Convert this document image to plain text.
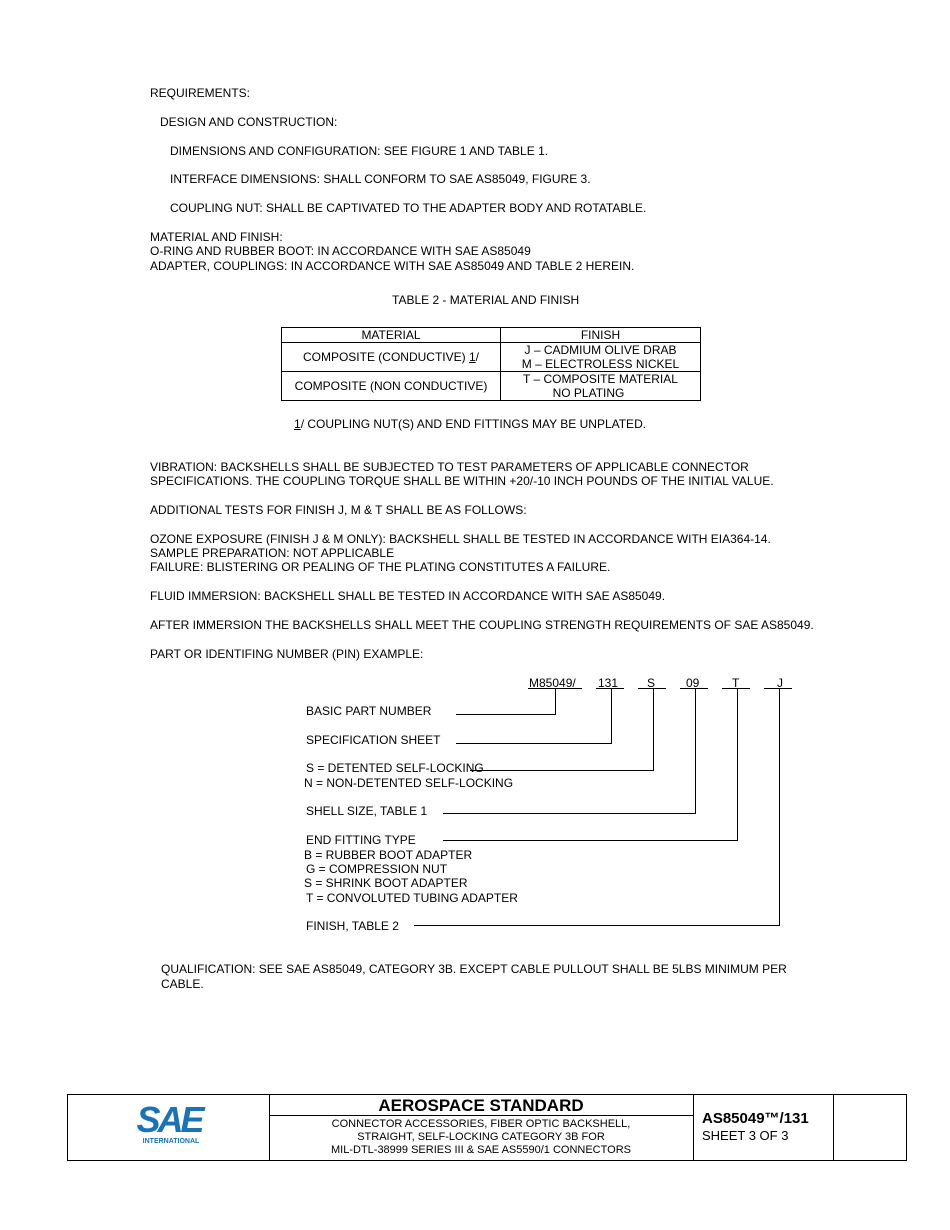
REQUIREMENTS:
DESIGN AND CONSTRUCTION:
DIMENSIONS AND CONFIGURATION: SEE FIGURE 1 AND TABLE 1.
INTERFACE DIMENSIONS: SHALL CONFORM TO SAE AS85049, FIGURE 3.
COUPLING NUT: SHALL BE CAPTIVATED TO THE ADAPTER BODY AND ROTATABLE.
MATERIAL AND FINISH:
O-RING AND RUBBER BOOT: IN ACCORDANCE WITH SAE AS85049
ADAPTER, COUPLINGS: IN ACCORDANCE WITH SAE AS85049 AND TABLE 2 HEREIN.
TABLE 2 - MATERIAL AND FINISH
MATERIAL	FINISH
COMPOSITE (CONDUCTIVE) 1/	J – CADMIUM OLIVE DRAB
M – ELECTROLESS NICKEL

COMPOSITE (NON CONDUCTIVE)	T – COMPOSITE MATERIAL
NO PLATING
1/ COUPLING NUT(S) AND END FITTINGS MAY BE UNPLATED.
VIBRATION: BACKSHELLS SHALL BE SUBJECTED TO TEST PARAMETERS OF APPLICABLE CONNECTOR
SPECIFICATIONS. THE COUPLING TORQUE SHALL BE WITHIN +20/-10 INCH POUNDS OF THE INITIAL VALUE.
ADDITIONAL TESTS FOR FINISH J, M & T SHALL BE AS FOLLOWS:
OZONE EXPOSURE (FINISH J & M ONLY): BACKSHELL SHALL BE TESTED IN ACCORDANCE WITH EIA364-14.
SAMPLE PREPARATION: NOT APPLICABLE
FAILURE: BLISTERING OR PEALING OF THE PLATING CONSTITUTES A FAILURE.
FLUID IMMERSION: BACKSHELL SHALL BE TESTED IN ACCORDANCE WITH SAE AS85049.
AFTER IMMERSION THE BACKSHELLS SHALL MEET THE COUPLING STRENGTH REQUIREMENTS OF SAE AS85049.
PART OR IDENTIFING NUMBER (PIN) EXAMPLE:
M85049/ 131 S	09	T	J
BASIC PART NUMBER
SPECIFICATION SHEET
S = DETENTED SELF-LOCKING
N = NON-DETENTED SELF-LOCKING
SHELL SIZE, TABLE 1
END FITTING TYPE
B = RUBBER BOOT ADAPTER
G = COMPRESSION NUT
S = SHRINK BOOT ADAPTER
T = CONVOLUTED TUBING ADAPTER
FINISH, TABLE 2
QUALIFICATION: SEE SAE AS85049, CATEGORY 3B. EXCEPT CABLE PULLOUT SHALL BE 5LBS MINIMUM PER
CABLE.
SAE
INTERNATIONAL
AEROSPACE STANDARD
CONNECTOR ACCESSORIES, FIBER OPTIC BACKSHELL,
STRAIGHT, SELF-LOCKING CATEGORY 3B FOR
MIL-DTL-38999 SERIES III & SAE AS5590/1 CONNECTORS
AS85049™/131
SHEET 3 OF 3
